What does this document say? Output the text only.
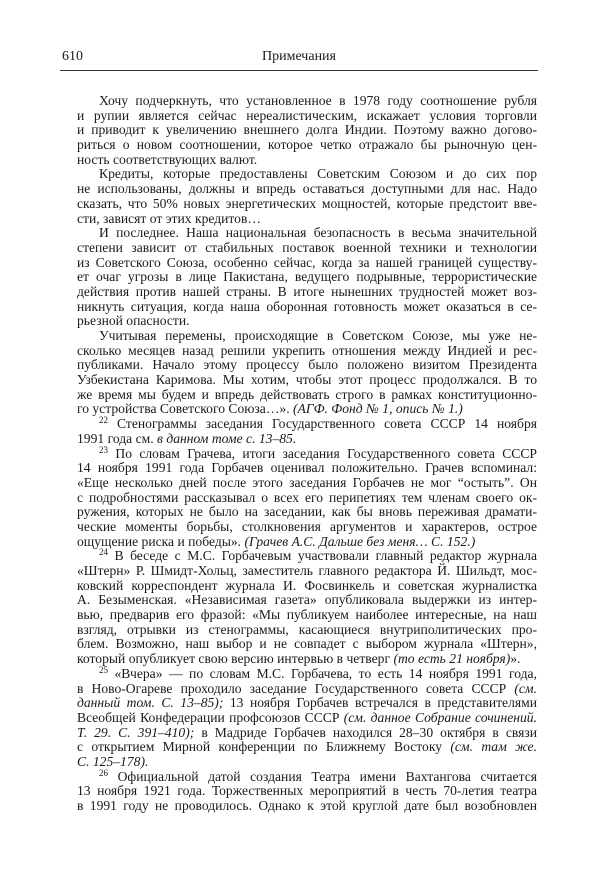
610	Примечания
Хочу подчеркнуть, что установленное в 1978 году соотношение рубля
и рупии является сейчас нереалистическим, искажает условия торговли
и приводит к увеличению внешнего долга Индии. Поэтому важно догово-
риться о новом соотношении, которое четко отражало бы рыночную цен-
ность соответствующих валют.
Кредиты, которые предоставлены Советским Союзом и до сих пор
не использованы, должны и впредь оставаться доступными для нас. Надо
сказать, что 50% новых энергетических мощностей, которые предстоит вве-
сти, зависят от этих кредитов…
И последнее. Наша национальная безопасность в весьма значительной
степени зависит от стабильных поставок военной техники и технологии
из Советского Союза, особенно сейчас, когда за нашей границей существу-
ет очаг угрозы в лице Пакистана, ведущего подрывные, террористические
действия против нашей страны. В итоге нынешних трудностей может воз-
никнуть ситуация, когда наша оборонная готовность может оказаться в се-
рьезной опасности.
Учитывая перемены, происходящие в Советском Союзе, мы уже не-
сколько месяцев назад решили укрепить отношения между Индией и рес-
публиками. Начало этому процессу было положено визитом Президента
Узбекистана Каримова. Мы хотим, чтобы этот процесс продолжался. В то
же время мы будем и впредь действовать строго в рамках конституционно-
го устройства Советского Союза…». (АГФ. Фонд № 1, опись № 1.)
$^{22}$ Стенограммы заседания Государственного совета СССР 14 ноября
1991 года см. в данном томе с. 13–85.
$^{23}$ По словам Грачева, итоги заседания Государственного совета СССР
14 ноября 1991 года Горбачев оценивал положительно. Грачев вспоминал:
«Еще несколько дней после этого заседания Горбачев не мог “остыть”. Он
с подробностями рассказывал о всех его перипетиях тем членам своего ок-
ружения, которых не было на заседании, как бы вновь переживая драмати-
ческие моменты борьбы, столкновения аргументов и характеров, острое
ощущение риска и победы». (Грачев А.С. Дальше без меня… С. 152.)
$^{24}$ В беседе с М.С. Горбачевым участвовали главный редактор журнала
«Штерн» Р. Шмидт-Хольц, заместитель главного редактора Й. Шильдт, мос-
ковский корреспондент журнала И. Фосвинкель и советская журналистка
А. Безыменская. «Независимая газета» опубликовала выдержки из интер-
вью, предварив его фразой: «Мы публикуем наиболее интересные, на наш
взгляд, отрывки из стенограммы, касающиеся внутриполитических про-
блем. Возможно, наш выбор и не совпадет с выбором журнала «Штерн»,
который опубликует свою версию интервью в четверг (то есть 21 ноября)».
$^{25}$ «Вчера» — по словам М.С. Горбачева, то есть 14 ноября 1991 года,
в Ново-Огареве проходило заседание Государственного совета СССР (см.
данный том. С. 13–85); 13 ноября Горбачев встречался в представителями
Всеобщей Конфедерации профсоюзов СССР (см. данное Собрание сочинений.
Т. 29. С. 391–410); в Мадриде Горбачев находился 28–30 октября в связи
с открытием Мирной конференции по Ближнему Востоку (см. там же.
С. 125–178).
$^{26}$ Официальной датой создания Театра имени Вахтангова считается
13 ноября 1921 года. Торжественных мероприятий в честь 70-летия театра
в 1991 году не проводилось. Однако к этой круглой дате был возобновлен
